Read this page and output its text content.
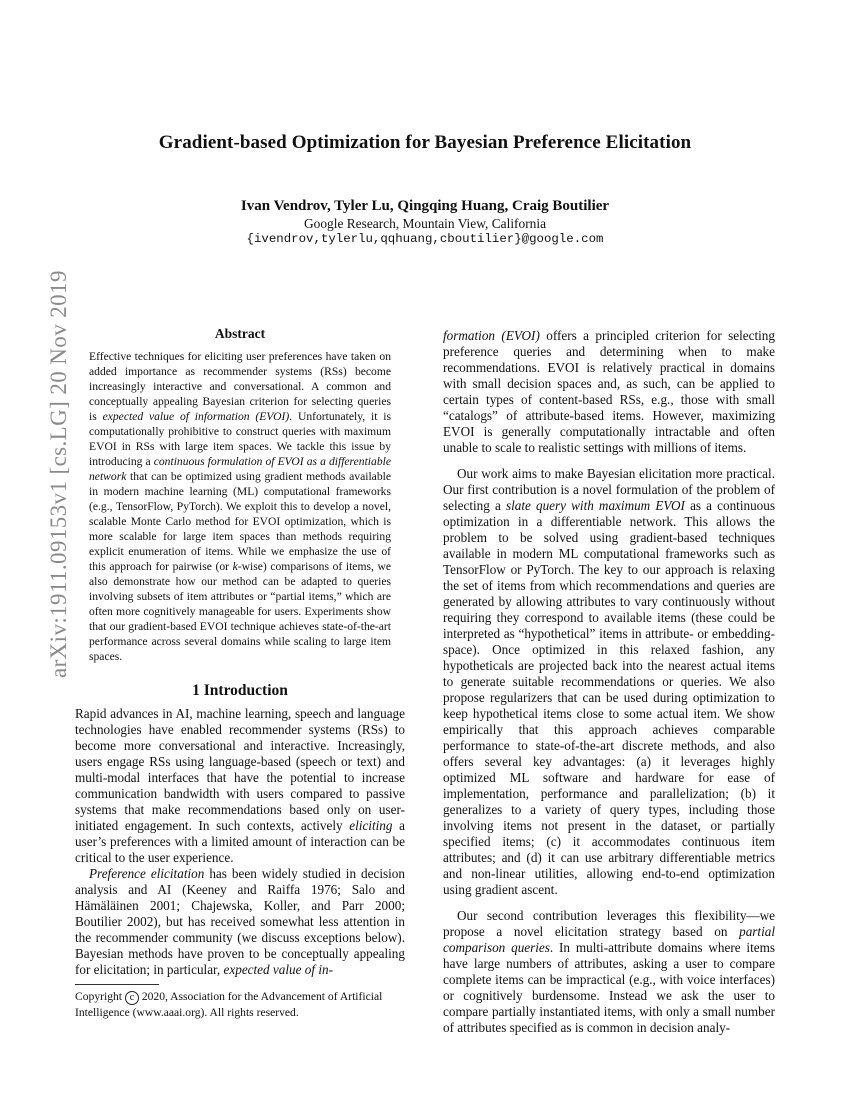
arXiv:1911.09153v1 [cs.LG] 20 Nov 2019
Gradient-based Optimization for Bayesian Preference Elicitation
Ivan Vendrov, Tyler Lu, Qingqing Huang, Craig Boutilier
Google Research, Mountain View, California
{ivendrov,tylerlu,qqhuang,cboutilier}@google.com
Abstract

Effective techniques for eliciting user preferences have taken on added importance as recommender systems (RSs) become increasingly interactive and conversational. A common and conceptually appealing Bayesian criterion for selecting queries is expected value of information (EVOI). Unfortunately, it is computationally prohibitive to construct queries with maximum EVOI in RSs with large item spaces. We tackle this issue by introducing a continuous formulation of EVOI as a differentiable network that can be optimized using gradient methods available in modern machine learning (ML) computational frameworks (e.g., TensorFlow, PyTorch). We exploit this to develop a novel, scalable Monte Carlo method for EVOI optimization, which is more scalable for large item spaces than methods requiring explicit enumeration of items. While we emphasize the use of this approach for pairwise (or k-wise) comparisons of items, we also demonstrate how our method can be adapted to queries involving subsets of item attributes or “partial items,” which are often more cognitively manageable for users. Experiments show that our gradient-based EVOI technique achieves state-of-the-art performance across several domains while scaling to large item spaces.

1 Introduction

Rapid advances in AI, machine learning, speech and language technologies have enabled recommender systems (RSs) to become more conversational and interactive. Increasingly, users engage RSs using language-based (speech or text) and multi-modal interfaces that have the potential to increase communication bandwidth with users compared to passive systems that make recommendations based only on user-initiated engagement. In such contexts, actively eliciting a user’s preferences with a limited amount of interaction can be critical to the user experience.

Preference elicitation has been widely studied in decision analysis and AI (Keeney and Raiffa 1976; Salo and Hämäläinen 2001; Chajewska, Koller, and Parr 2000; Boutilier 2002), but has received somewhat less attention in the recommender community (we discuss exceptions below). Bayesian methods have proven to be conceptually appealing for elicitation; in particular, expected value of in-

Copyright c 2020, Association for the Advancement of Artificial Intelligence (www.aaai.org). All rights reserved.

formation (EVOI) offers a principled criterion for selecting preference queries and determining when to make recommendations. EVOI is relatively practical in domains with small decision spaces and, as such, can be applied to certain types of content-based RSs, e.g., those with small “catalogs” of attribute-based items. However, maximizing EVOI is generally computationally intractable and often unable to scale to realistic settings with millions of items.

Our work aims to make Bayesian elicitation more practical. Our first contribution is a novel formulation of the problem of selecting a slate query with maximum EVOI as a continuous optimization in a differentiable network. This allows the problem to be solved using gradient-based techniques available in modern ML computational frameworks such as TensorFlow or PyTorch. The key to our approach is relaxing the set of items from which recommendations and queries are generated by allowing attributes to vary continuously without requiring they correspond to available items (these could be interpreted as “hypothetical” items in attribute- or embedding-space). Once optimized in this relaxed fashion, any hypotheticals are projected back into the nearest actual items to generate suitable recommendations or queries. We also propose regularizers that can be used during optimization to keep hypothetical items close to some actual item. We show empirically that this approach achieves comparable performance to state-of-the-art discrete methods, and also offers several key advantages: (a) it leverages highly optimized ML software and hardware for ease of implementation, performance and parallelization; (b) it generalizes to a variety of query types, including those involving items not present in the dataset, or partially specified items; (c) it accommodates continuous item attributes; and (d) it can use arbitrary differentiable metrics and non-linear utilities, allowing end-to-end optimization using gradient ascent.

Our second contribution leverages this flexibility—we propose a novel elicitation strategy based on partial comparison queries. In multi-attribute domains where items have large numbers of attributes, asking a user to compare complete items can be impractical (e.g., with voice interfaces) or cognitively burdensome. Instead we ask the user to compare partially instantiated items, with only a small number of attributes specified as is common in decision analy-
